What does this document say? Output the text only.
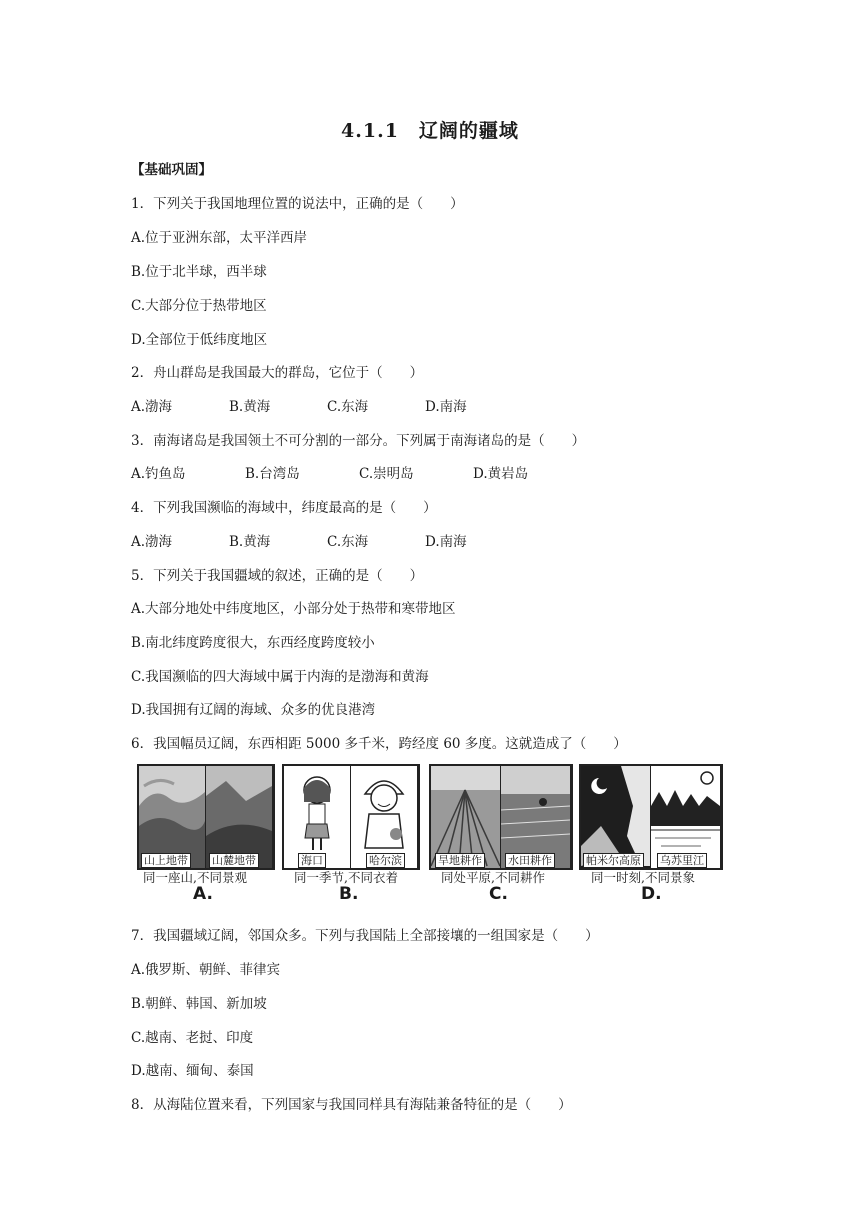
4.1.1　辽阔的疆域
【基础巩固】
1．下列关于我国地理位置的说法中，正确的是（　　）
A.位于亚洲东部，太平洋西岸
B.位于北半球，西半球
C.大部分位于热带地区
D.全部位于低纬度地区
2．舟山群岛是我国最大的群岛，它位于（　　）
A.渤海	B.黄海	C.东海	D.南海
3．南海诸岛是我国领土不可分割的一部分。下列属于南海诸岛的是（　　）
A.钓鱼岛	B.台湾岛	C.崇明岛	D.黄岩岛
4．下列我国濒临的海域中，纬度最高的是（　　）
A.渤海	B.黄海	C.东海	D.南海
5．下列关于我国疆域的叙述，正确的是（　　）
A.大部分地处中纬度地区，小部分处于热带和寒带地区
B.南北纬度跨度很大，东西经度跨度较小
C.我国濒临的四大海域中属于内海的是渤海和黄海
D.我国拥有辽阔的海域、众多的优良港湾
6．我国幅员辽阔，东西相距 5000 多千米，跨经度 60 多度。这就造成了（　　）
山上地带 山麓地带
同一座山,不同景观
A.
海口	哈尔滨
同一季节,不同衣着
B.
旱地耕作 水田耕作
同处平原,不同耕作
C.
帕米尔高原 乌苏里江
同一时刻,不同景象
D.
7．我国疆域辽阔，邻国众多。下列与我国陆上全部接壤的一组国家是（　　）
A.俄罗斯、朝鲜、菲律宾
B.朝鲜、韩国、新加坡
C.越南、老挝、印度
D.越南、缅甸、泰国
8．从海陆位置来看，下列国家与我国同样具有海陆兼备特征的是（　　）
